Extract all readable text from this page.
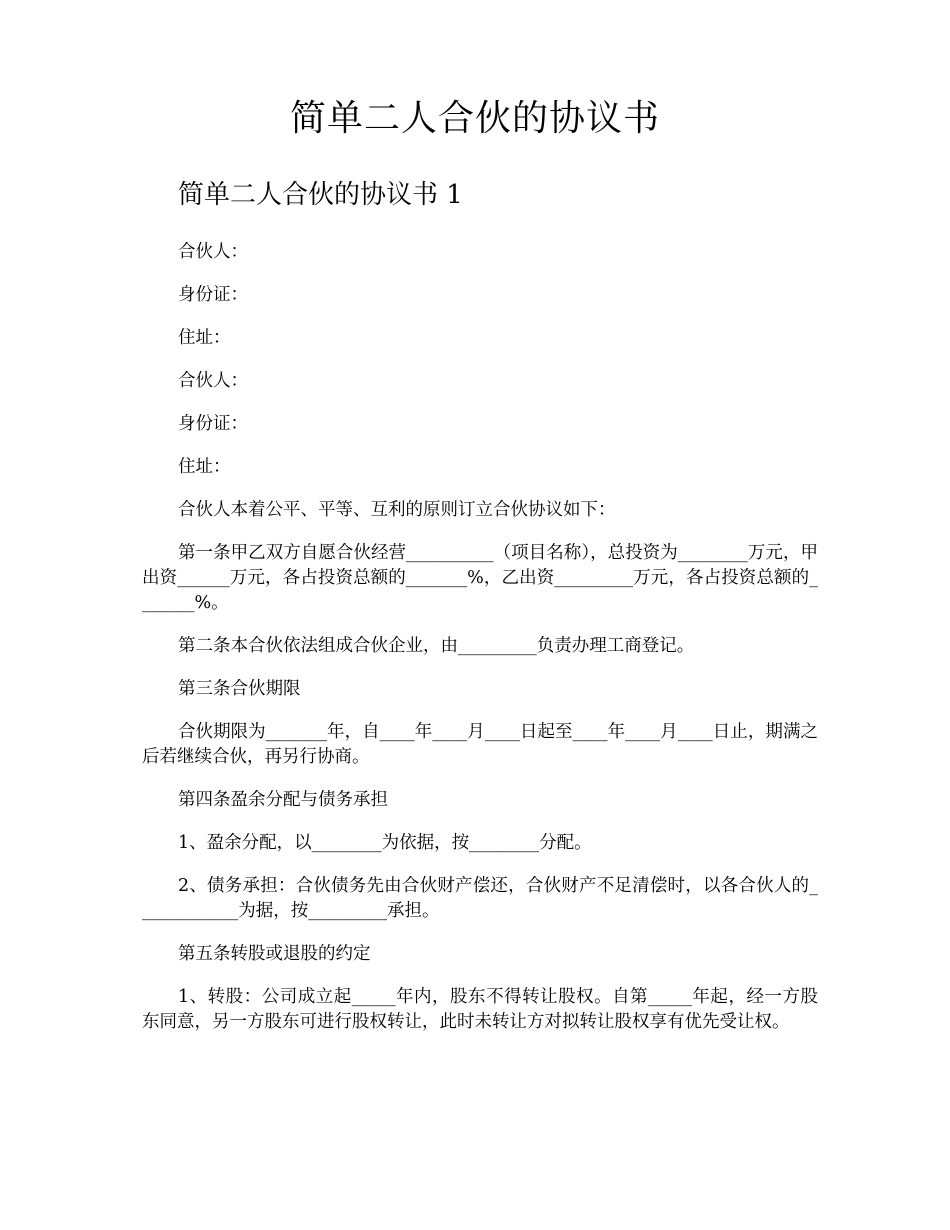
简单二人合伙的协议书
简单二人合伙的协议书 1

合伙人：

身份证：

住址：

合伙人：

身份证：

住址：

合伙人本着公平、平等、互利的原则订立合伙协议如下：

第一条甲乙双方自愿合伙经营__________（项目名称），总投资为________万元，甲出资______万元，各占投资总额的_______%，乙出资_________万元，各占投资总额的_______%。

第二条本合伙依法组成合伙企业，由_________负责办理工商登记。

第三条合伙期限

合伙期限为_______年，自____年____月____日起至____年____月____日止，期满之后若继续合伙，再另行协商。

第四条盈余分配与债务承担

1、盈余分配，以________为依据，按________分配。

2、债务承担：合伙债务先由合伙财产偿还，合伙财产不足清偿时，以各合伙人的____________为据，按_________承担。

第五条转股或退股的约定

1、转股：公司成立起_____年内，股东不得转让股权。自第_____年起，经一方股东同意，另一方股东可进行股权转让，此时未转让方对拟转让股权享有优先受让权。
